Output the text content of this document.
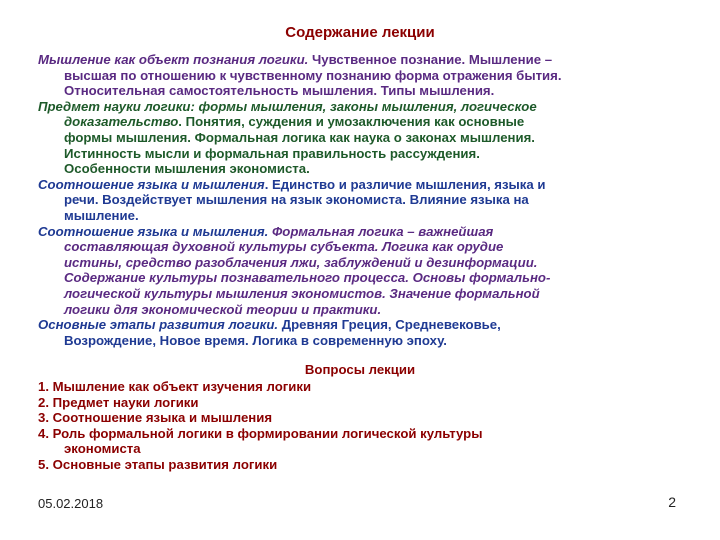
Содержание лекции
Мышление как объект познания логики. Чувственное познание. Мышление –
высшая по отношению к чувственному познанию форма отражения бытия.
Относительная самостоятельность мышления. Типы мышления.
Предмет науки логики: формы мышления, законы мышления, логическое
доказательство. Понятия, суждения и умозаключения как основные
формы мышления. Формальная логика как наука о законах мышления.
Истинность мысли и формальная правильность рассуждения.
Особенности мышления экономиста.
Соотношение языка и мышления. Единство и различие мышления, языка и
речи. Воздействует мышления на язык экономиста. Влияние языка на
мышление.
Соотношение языка и мышления. Формальная логика – важнейшая
составляющая духовной культуры субъекта. Логика как орудие
истины, средство разоблачения лжи, заблуждений и дезинформации.
Содержание культуры познавательного процесса. Основы формально-
логической культуры мышления экономистов. Значение формальной
логики для экономической теории и практики.
Основные этапы развития логики. Древняя Греция, Средневековье,
Возрождение, Новое время. Логика в современную эпоху.
Вопросы лекции
1. Мышление как объект изучения логики
2. Предмет науки логики
3. Соотношение языка и мышления
4. Роль формальной логики в формировании логической культуры
экономиста
5. Основные этапы развития логики
05.02.2018	2
